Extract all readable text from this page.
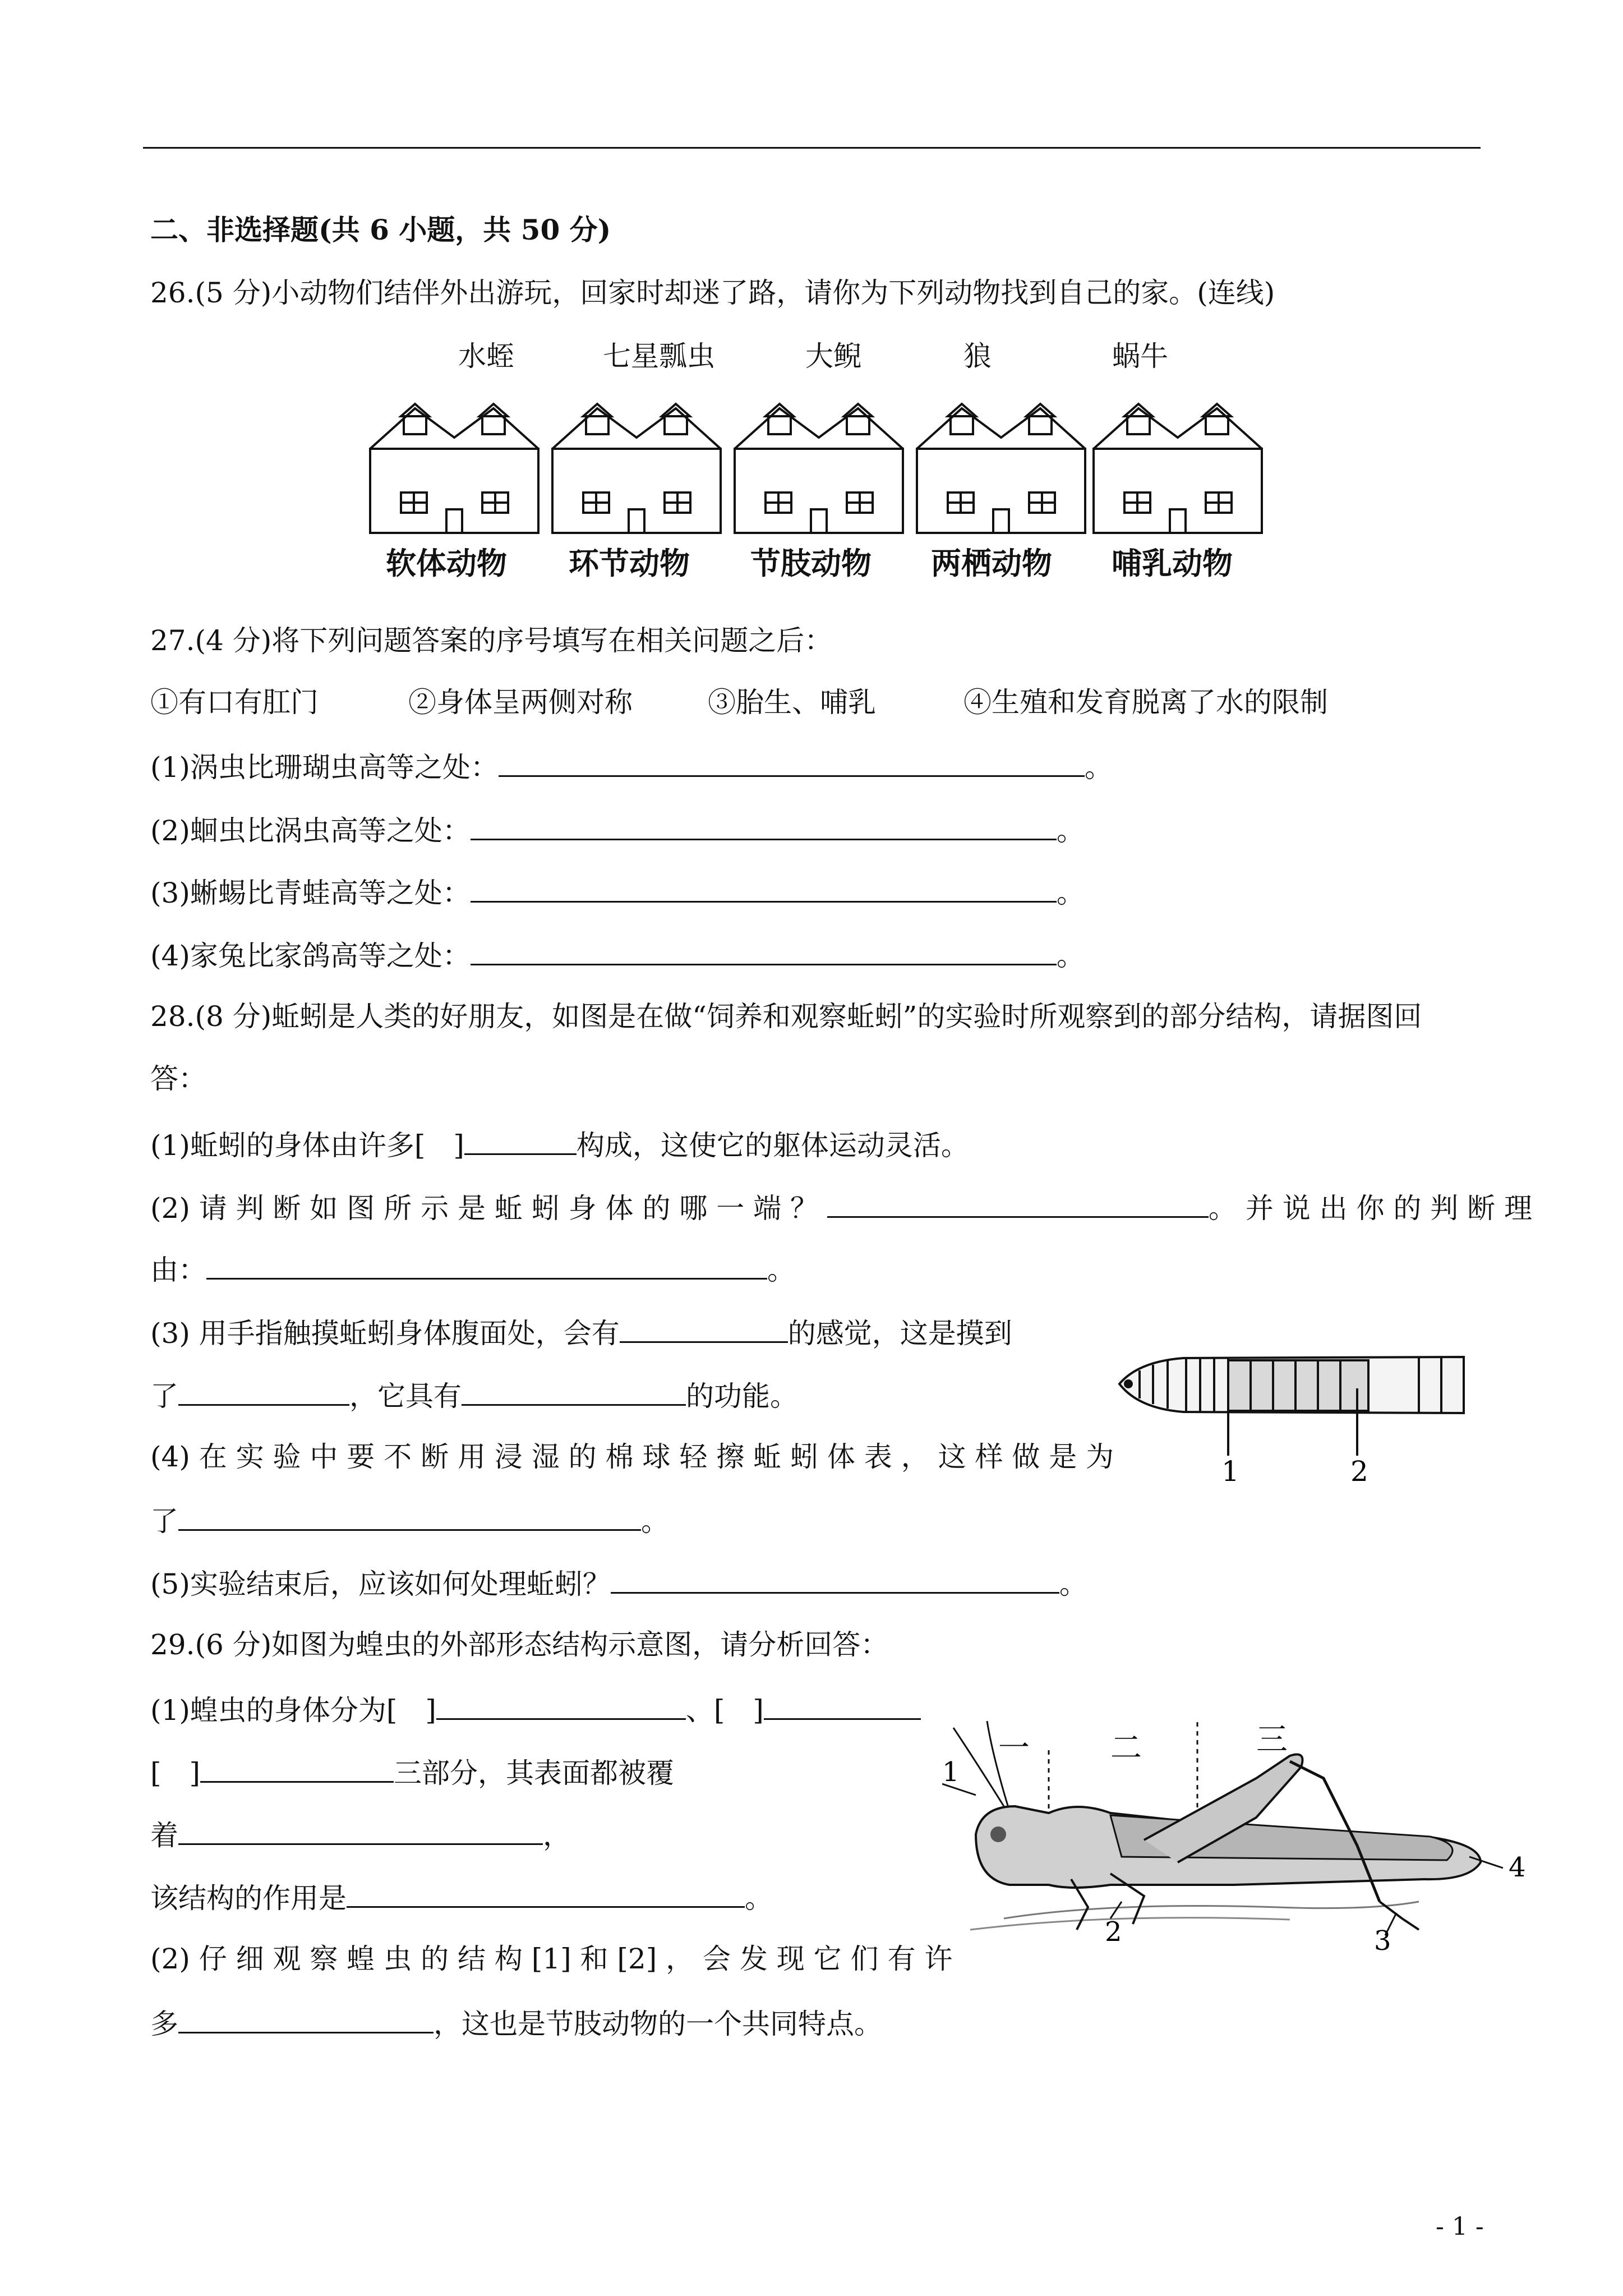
二、非选择题(共 6 小题，共 50 分)
26.(5 分)小动物们结伴外出游玩，回家时却迷了路，请你为下列动物找到自己的家。(连线)
水蛭	七星瓢虫	大鲵	狼	蜗牛
软体动物 环节动物 节肢动物 两栖动物 哺乳动物
27.(4 分)将下列问题答案的序号填写在相关问题之后：
①有口有肛门	②身体呈两侧对称	③胎生、哺乳	④生殖和发育脱离了水的限制
(1)涡虫比珊瑚虫高等之处：	。
(2)蛔虫比涡虫高等之处：	。
(3)蜥蜴比青蛙高等之处：	。
(4)家兔比家鸽高等之处：	。
28.(8 分)蚯蚓是人类的好朋友，如图是在做“饲养和观察蚯蚓”的实验时所观察到的部分结构，请据图回
答：
(1)蚯蚓的身体由许多[　]	构成，这使它的躯体运动灵活。
(2) 请 判 断 如 图 所 示 是 蚯 蚓 身 体 的 哪 一 端 ？	。 并 说 出 你 的 判 断 理
由：	。
(3) 用手指触摸蚯蚓身体腹面处，会有	的感觉，这是摸到
了	，它具有	的功能。
(4) 在 实 验 中 要 不 断 用 浸 湿 的 棉 球 轻 擦 蚯 蚓 体 表 ， 这 样 做 是 为
了	。
(5)实验结束后，应该如何处理蚯蚓？	。
1	2
29.(6 分)如图为蝗虫的外部形态结构示意图，请分析回答：
(1)蝗虫的身体分为[　]	、[　]
[　]	三部分，其表面都被覆
着	，
该结构的作用是	。
(2) 仔 细 观 察 蝗 虫 的 结 构 [1] 和 [2] ， 会 发 现 它 们 有 许
多	，这也是节肢动物的一个共同特点。
一	二	三
1
2	3
4
- 1 -
